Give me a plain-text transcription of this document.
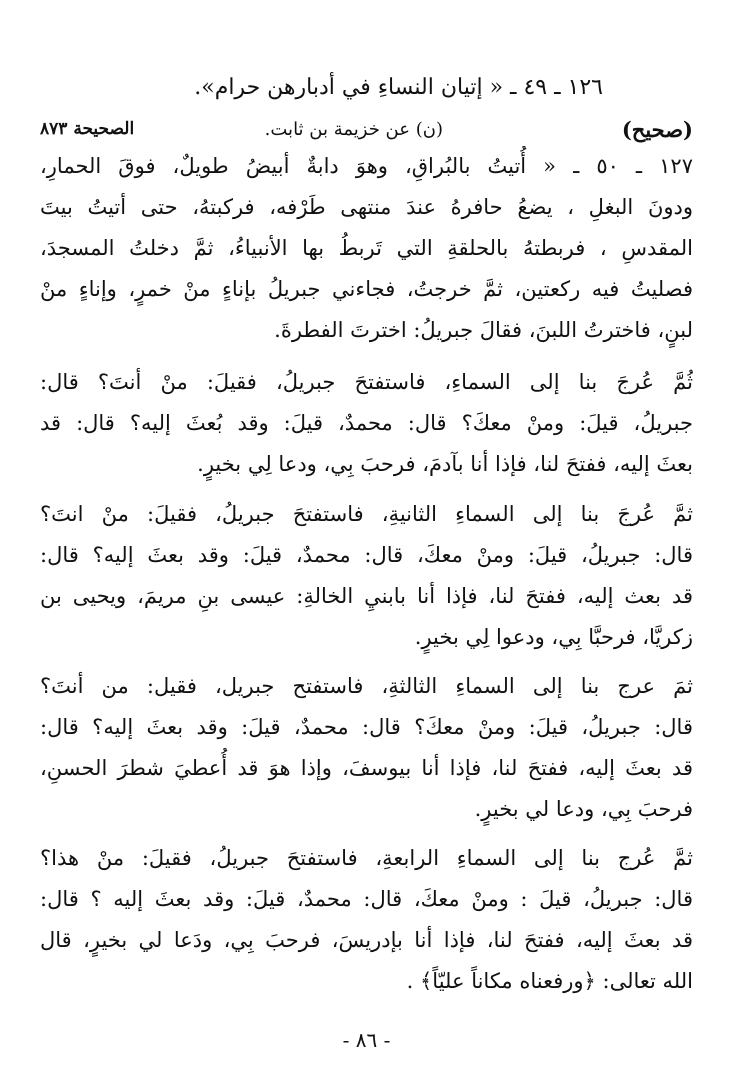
١٢٦ ـ ٤٩ ـ « إتيان النساءِ في أدبارهن حرام».
(صحيح)
(ن) عن خزيمة بن ثابت.
الصحيحة ٨٧٣
١٢٧ ـ ٥٠ ـ « أُتيتُ بالبُراقِ، وهوَ دابةٌ أبيضُ طويلٌ، فوقَ الحمارِ،
ودونَ البغلِ ، يضعُ حافرهُ عندَ منتهى طَرْفه، فركبتهُ، حتى أتيتُ بيتَ
المقدسِ ، فربطتهُ بالحلقةِ التي تَربطُ بها الأنبياءُ، ثمَّ دخلتُ المسجدَ،
فصليتُ فيه ركعتين، ثمَّ خرجتُ، فجاءني جبريلُ بإناءٍ منْ خمرٍ، وإناءٍ منْ
لبنٍ، فاخترتُ اللبنَ، فقالَ جبريلُ: اخترتَ الفطرةَ.
ثُمَّ عُرجَ بنا إلى السماءِ، فاستفتحَ جبريلُ، فقيلَ: منْ أنتَ؟ قال:
جبريلُ، قيلَ: ومنْ معكَ؟ قال: محمدٌ، قيلَ: وقد بُعثَ إليه؟ قال: قد
بعثَ إليه، ففتحَ لنا، فإذا أنا بآدمَ، فرحبَ بِي، ودعا لِي بخيرٍ.
ثمَّ عُرجَ بنا إلى السماءِ الثانيةِ، فاستفتحَ جبريلُ، فقيلَ: منْ انتَ؟
قال: جبريلُ، قيلَ: ومنْ معكَ، قال: محمدٌ، قيلَ: وقد بعثَ إليه؟ قال:
قد بعث إليه، ففتحَ لنا، فإذا أنا بابنيِ الخالةِ: عيسى بنِ مريمَ، ويحيى بن
زكريَّا، فرحبَّا بِي، ودعوا لِي بخيرٍ.
ثمَ عرج بنا إلى السماءِ الثالثةِ، فاستفتح جبريل، فقيل: من أنتَ؟
قال: جبريلُ، قيلَ: ومنْ معكَ؟ قال: محمدٌ، قيلَ: وقد بعثَ إليه؟ قال:
قد بعثَ إليه، ففتحَ لنا، فإذا أنا بيوسفَ، وإذا هوَ قد أُعطيَ شطرَ الحسنِ،
فرحبَ بِي، ودعا لي بخيرٍ.
ثمَّ عُرج بنا إلى السماءِ الرابعةِ، فاستفتحَ جبريلُ، فقيلَ: منْ هذا؟
قال: جبريلُ، قيلَ : ومنْ معكَ، قال: محمدٌ، قيلَ: وقد بعثَ إليه ؟ قال:
قد بعثَ إليه، ففتحَ لنا، فإذا أنا بإدريسَ، فرحبَ بِي، ودَعا لي بخيرٍ، قال
الله تعالى: ﴿ورفعناه مكاناً عليّاً﴾ .
- ٨٦ -
